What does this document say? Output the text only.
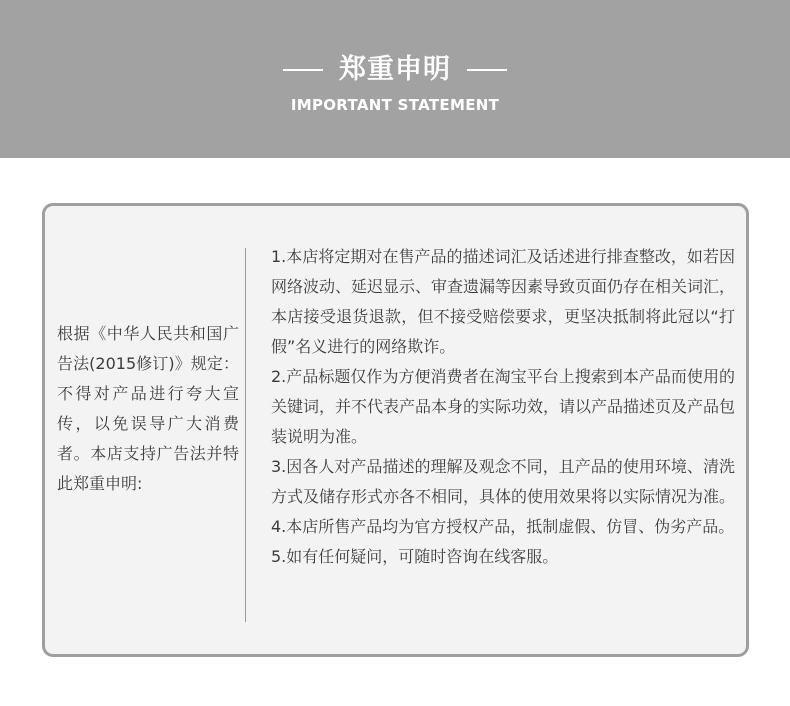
郑重申明
IMPORTANT STATEMENT
根据《中华人民共和国广告法(2015修订)》规定：不得对产品进行夸大宣传，以免误导广大消费者。本店支持广告法并特此郑重申明:
1.本店将定期对在售产品的描述词汇及话述进行排查整改，如若因网络波动、延迟显示、审查遗漏等因素导致页面仍存在相关词汇，本店接受退货退款，但不接受赔偿要求，更坚决抵制将此冠以“打假”名义进行的网络欺诈。
2.产品标题仅作为方便消费者在淘宝平台上搜索到本产品而使用的关键词，并不代表产品本身的实际功效，请以产品描述页及产品包装说明为准。
3.因各人对产品描述的理解及观念不同，且产品的使用环境、清洗方式及储存形式亦各不相同，具体的使用效果将以实际情况为准。
4.本店所售产品均为官方授权产品，抵制虚假、仿冒、伪劣产品。
5.如有任何疑问，可随时咨询在线客服。
